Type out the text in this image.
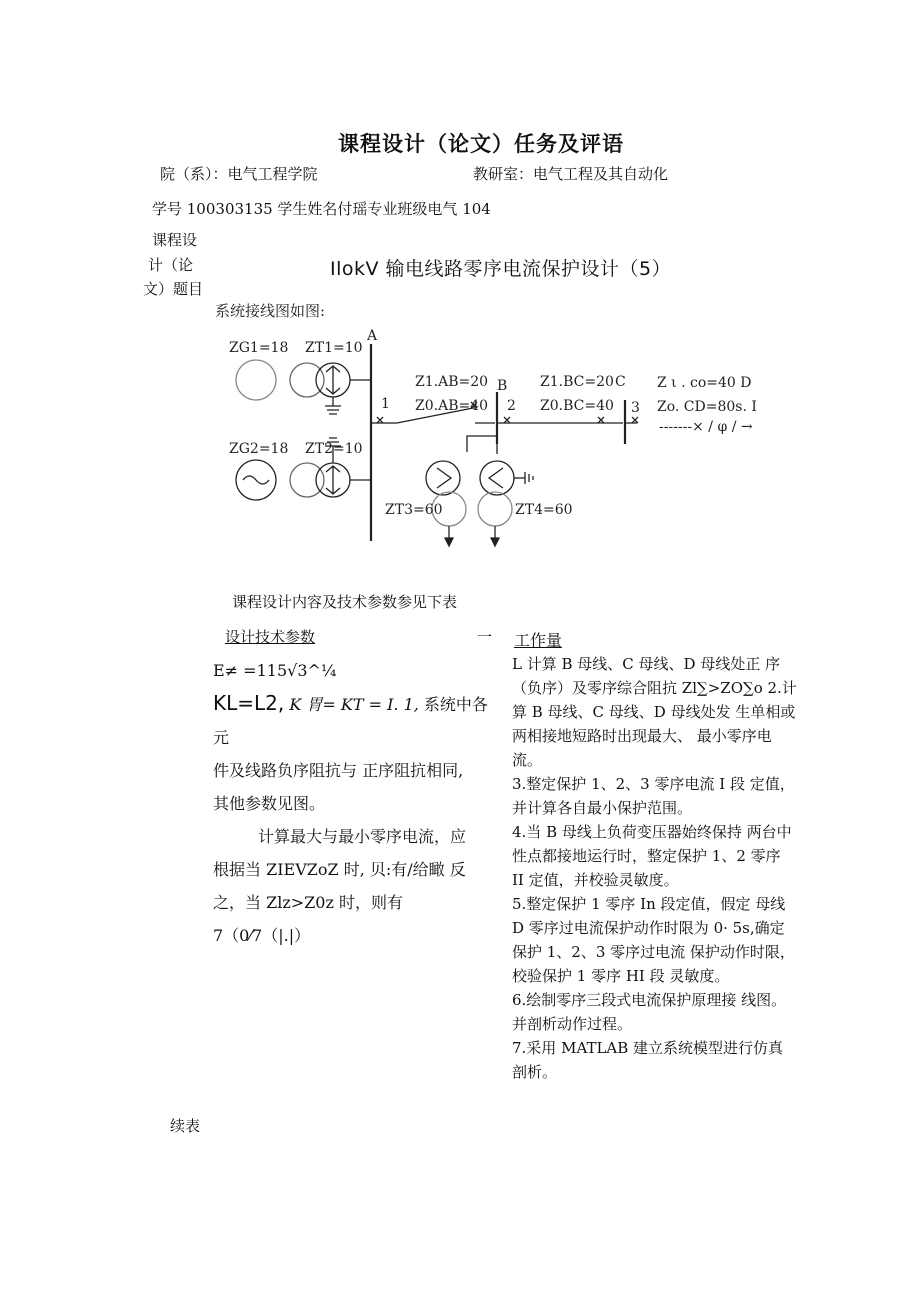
课程设计（论文）任务及评语
院（系）：电气工程学院	教研室：电气工程及其自动化
学号 100303135 学生姓名付瑶专业班级电气 104
课程设
计（论
文）题目
IlokV 输电线路零序电流保护设计（5）
系统接线图如图:
ZG1=18 ZT1=10
ZG2=18 ZT2=10
A
B	C
Z1.AB=20
Z0.AB=40
Z1.BC=20
Z0.BC=40
1	2	3
Z ι . co=40 D
Zo. CD=80s. I
-------× / φ / →
ZT3=60	ZT4=60
课程设计内容及技术参数参见下表
设计技术参数	一 工作量
E≠ =115√3^¼
KL=L2, K 胃= KT = I. 1, 系统中各元
件及线路负序阻抗与 正序阻抗相同,
其他参数见图。
计算最大与最小零序电流，应
根据当 ZIEVZoZ 时, 贝:有/给瞰 反
之，当 Zlz>Z0z 时，则有
7（0⁄7（|.|）

L 计算 B 母线、C 母线、D 母线处正 序（负序）及零序综合阻抗 Zl∑>ZO∑o 2.计算 B 母线、C 母线、D 母线处发 生单相或两相接地短路时出现最大、 最小零序电流。

3.整定保护 1、2、3 零序电流 I 段 定值，并计算各自最小保护范围。

4.当 B 母线上负荷变压器始终保持 两台中性点都接地运行时，整定保护 1、2 零序 II 定值，并校验灵敏度。

5.整定保护 1 零序 In 段定值，假定 母线 D 零序过电流保护动作时限为 0· 5s,确定保护 1、2、3 零序过电流 保护动作时限，校验保护 1 零序 HI 段 灵敏度。

6.绘制零序三段式电流保护原理接 线图。并剖析动作过程。

7.采用 MATLAB 建立系统模型进行仿真剖析。

续表
